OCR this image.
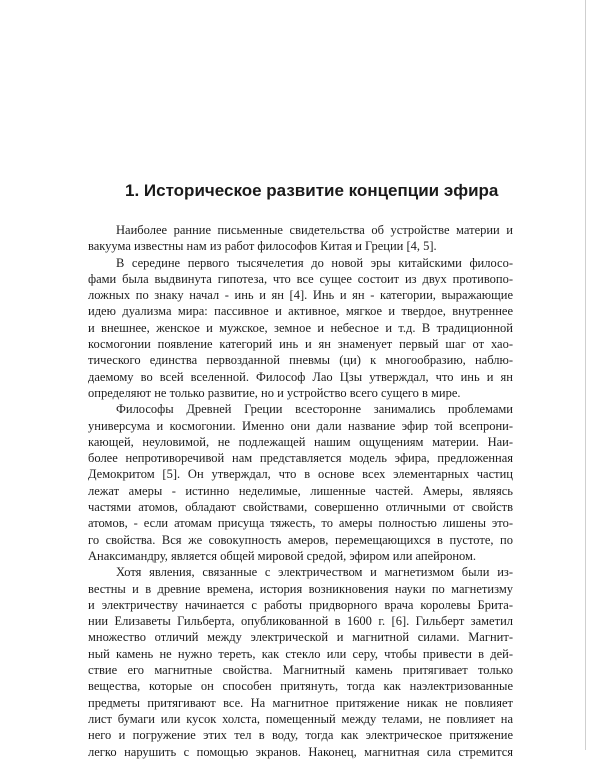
1. Историческое развитие концепции эфира

Наиболее ранние письменные свидетельства об устройстве материи и
вакуума известны нам из работ философов Китая и Греции [4, 5].

В середине первого тысячелетия до новой эры китайскими филосо-
фами была выдвинута гипотеза, что все сущее состоит из двух противопо-
ложных по знаку начал - инь и ян [4]. Инь и ян - категории, выражающие
идею дуализма мира: пассивное и активное, мягкое и твердое, внутреннее
и внешнее, женское и мужское, земное и небесное и т.д. В традиционной
космогонии появление категорий инь и ян знаменует первый шаг от хао-
тического единства первозданной пневмы (ци) к многообразию, наблю-
даемому во всей вселенной. Философ Лао Цзы утверждал, что инь и ян
определяют не только развитие, но и устройство всего сущего в мире.

Философы Древней Греции всесторонне занимались проблемами
универсума и космогонии. Именно они дали название эфир той всепрони-
кающей, неуловимой, не подлежащей нашим ощущениям материи. Наи-
более непротиворечивой нам представляется модель эфира, предложенная
Демокритом [5]. Он утверждал, что в основе всех элементарных частиц
лежат амеры - истинно неделимые, лишенные частей. Амеры, являясь
частями атомов, обладают свойствами, совершенно отличными от свойств
атомов, - если атомам присуща тяжесть, то амеры полностью лишены это-
го свойства. Вся же совокупность амеров, перемещающихся в пустоте, по
Анаксимандру, является общей мировой средой, эфиром или апейроном.

Хотя явления, связанные с электричеством и магнетизмом были из-
вестны и в древние времена, история возникновения науки по магнетизму
и электричеству начинается с работы придворного врача королевы Брита-
нии Елизаветы Гильберта, опубликованной в 1600 г. [6]. Гильберт заметил
множество отличий между электрической и магнитной силами. Магнит-
ный камень не нужно тереть, как стекло или серу, чтобы привести в дей-
ствие его магнитные свойства. Магнитный камень притягивает только
вещества, которые он способен притянуть, тогда как наэлектризованные
предметы притягивают все. На магнитное притяжение никак не повлияет
лист бумаги или кусок холста, помещенный между телами, не повлияет на
него и погружение этих тел в воду, тогда как электрическое притяжение
легко нарушить с помощью экранов. Наконец, магнитная сила стремится
